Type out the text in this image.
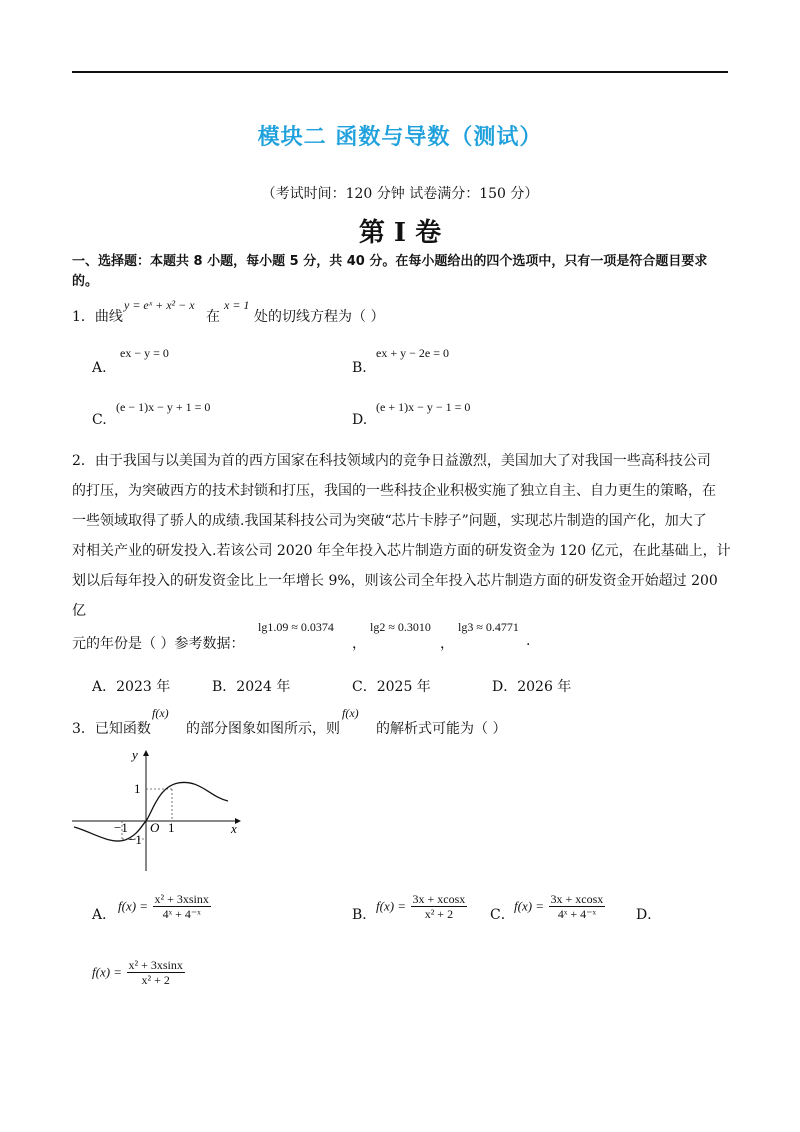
模块二 函数与导数（测试）
（考试时间：120 分钟 试卷满分：150 分）
第 I 卷
一、选择题：本题共 8 小题，每小题 5 分，共 40 分。在每小题给出的四个选项中，只有一项是符合题目要求的。
1．曲线
y = eˣ + x² − x
在
x = 1
处的切线方程为（ ）
A.
ex − y = 0
B.
ex + y − 2e = 0
C.
(e − 1)x − y + 1 = 0
D.
(e + 1)x − y − 1 = 0
2．由于我国与以美国为首的西方国家在科技领域内的竞争日益激烈，美国加大了对我国一些高科技公司
的打压，为突破西方的技术封锁和打压，我国的一些科技企业积极实施了独立自主、自力更生的策略，在
一些领域取得了骄人的成绩.我国某科技公司为突破“芯片卡脖子”问题，实现芯片制造的国产化，加大了
对相关产业的研发投入.若该公司 2020 年全年投入芯片制造方面的研发资金为 120 亿元，在此基础上，计
划以后每年投入的研发资金比上一年增长 9%，则该公司全年投入芯片制造方面的研发资金开始超过 200 亿
元的年份是（ ）参考数据：
lg1.09 ≈ 0.0374
，
lg2 ≈ 0.3010
，
lg3 ≈ 0.4771
.
A．2023 年	B．2024 年	C．2025 年	D．2026 年
3．已知函数
f(x)
的部分图象如图所示，则
f(x)
的解析式可能为（ ）
y
x
1
−1 O 1
−1
A．
$f(x) = \frac{\text{x² + 3xsinx}}{\text{4ˣ + 4⁻ˣ}}$	B．
$f(x) = \frac{3x + xcosx}{\text{x² + 2}}$ C．
$f(x) = \frac{3x + xcosx}{\text{4ˣ + 4⁻ˣ}}$ D．
$f(x) = \frac{\text{x² + 3xsinx}}{\text{x² + 2}}$
